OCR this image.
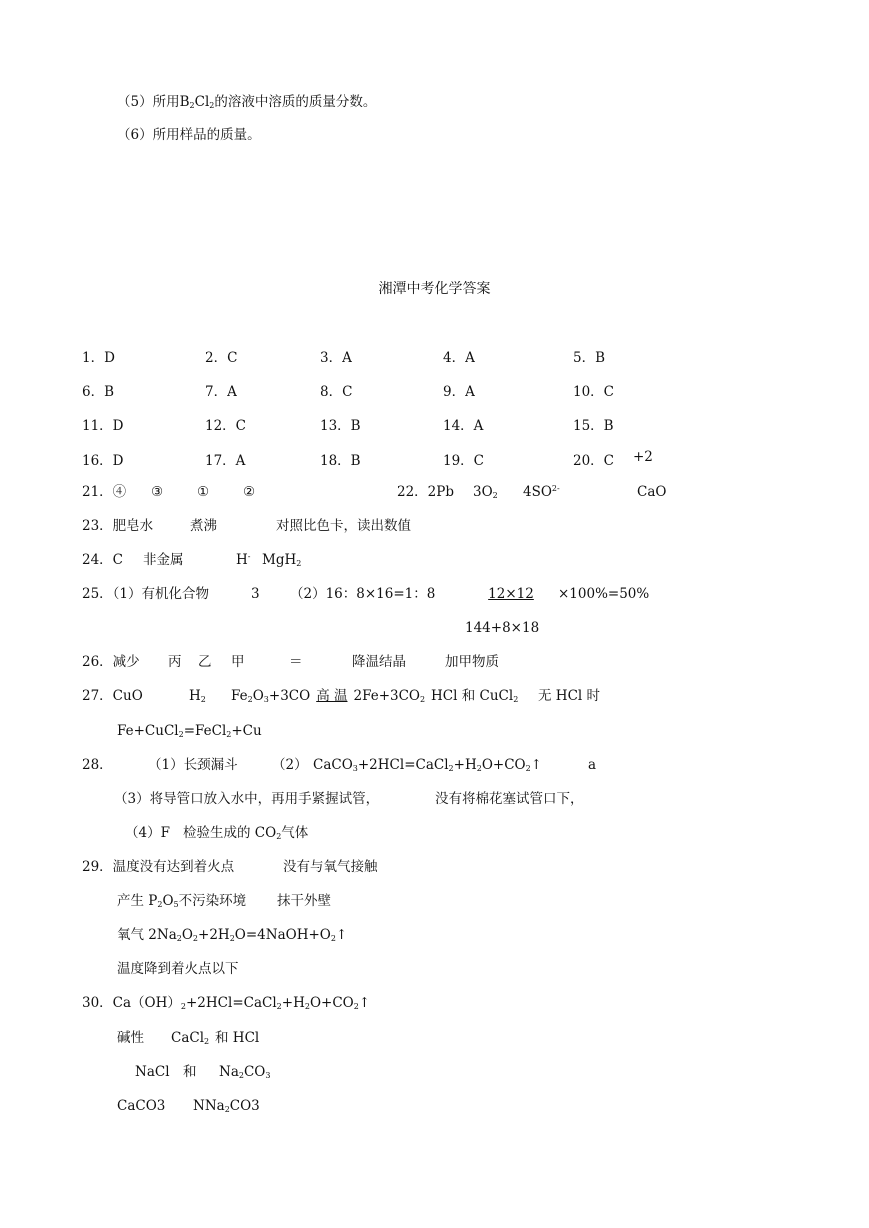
（5）所用$B_2Cl_2$的溶液中溶质的质量分数。
（6）所用样品的质量。
湘潭中考化学答案
1．D	2．C	3．A	4．A	5．B
6．B	7．A	8．C	9．A	10．C
11．D	12．C	13．B	14．A	15．B
16．D	17．A	18．B	19．C	20．C +2
21．④ ③	①	②	22．2Pb $3O_2$ $4SO^{2-}$	CaO
23．肥皂水	煮沸	对照比色卡，读出数值
24．C 非金属	H- MgH$_2$
25．（1）有机化合物	3 （2）16：8×16=1：8	12×12	×100%=50%
144+8×18
26．减少 丙 乙 甲	＝	降温结晶	加甲物质
27．CuO	$H_2$ $Fe_2O_3+3CO$ 高 温 $2Fe+3CO_2$ HCl 和 CuCl$_2$ 无 HCl 时
Fe+CuCl$_2$=FeCl$_2$+Cu
28．	（1）长颈漏斗	（2） $CaCO_3+2HCl=CaCl_2+H_2O+CO_2↑$	a
（3）将导管口放入水中，再用手紧握试管，	没有将棉花塞试管口下，
（4）F 检验生成的 $CO_2$气体
29．温度没有达到着火点	没有与氧气接触
产生 $P_2O_5$不污染环境 抹干外壁
氧气 $2Na_2O_2+2H_2O=4NaOH+O_2↑$
温度降到着火点以下
30．$Ca(OH)_2+2HCl=CaCl_2+H_2O+CO_2↑$
碱性 CaCl$_2$ 和 HCl
NaCl 和 $Na_2CO_3$
CaCO3 NNa$_2$CO3
